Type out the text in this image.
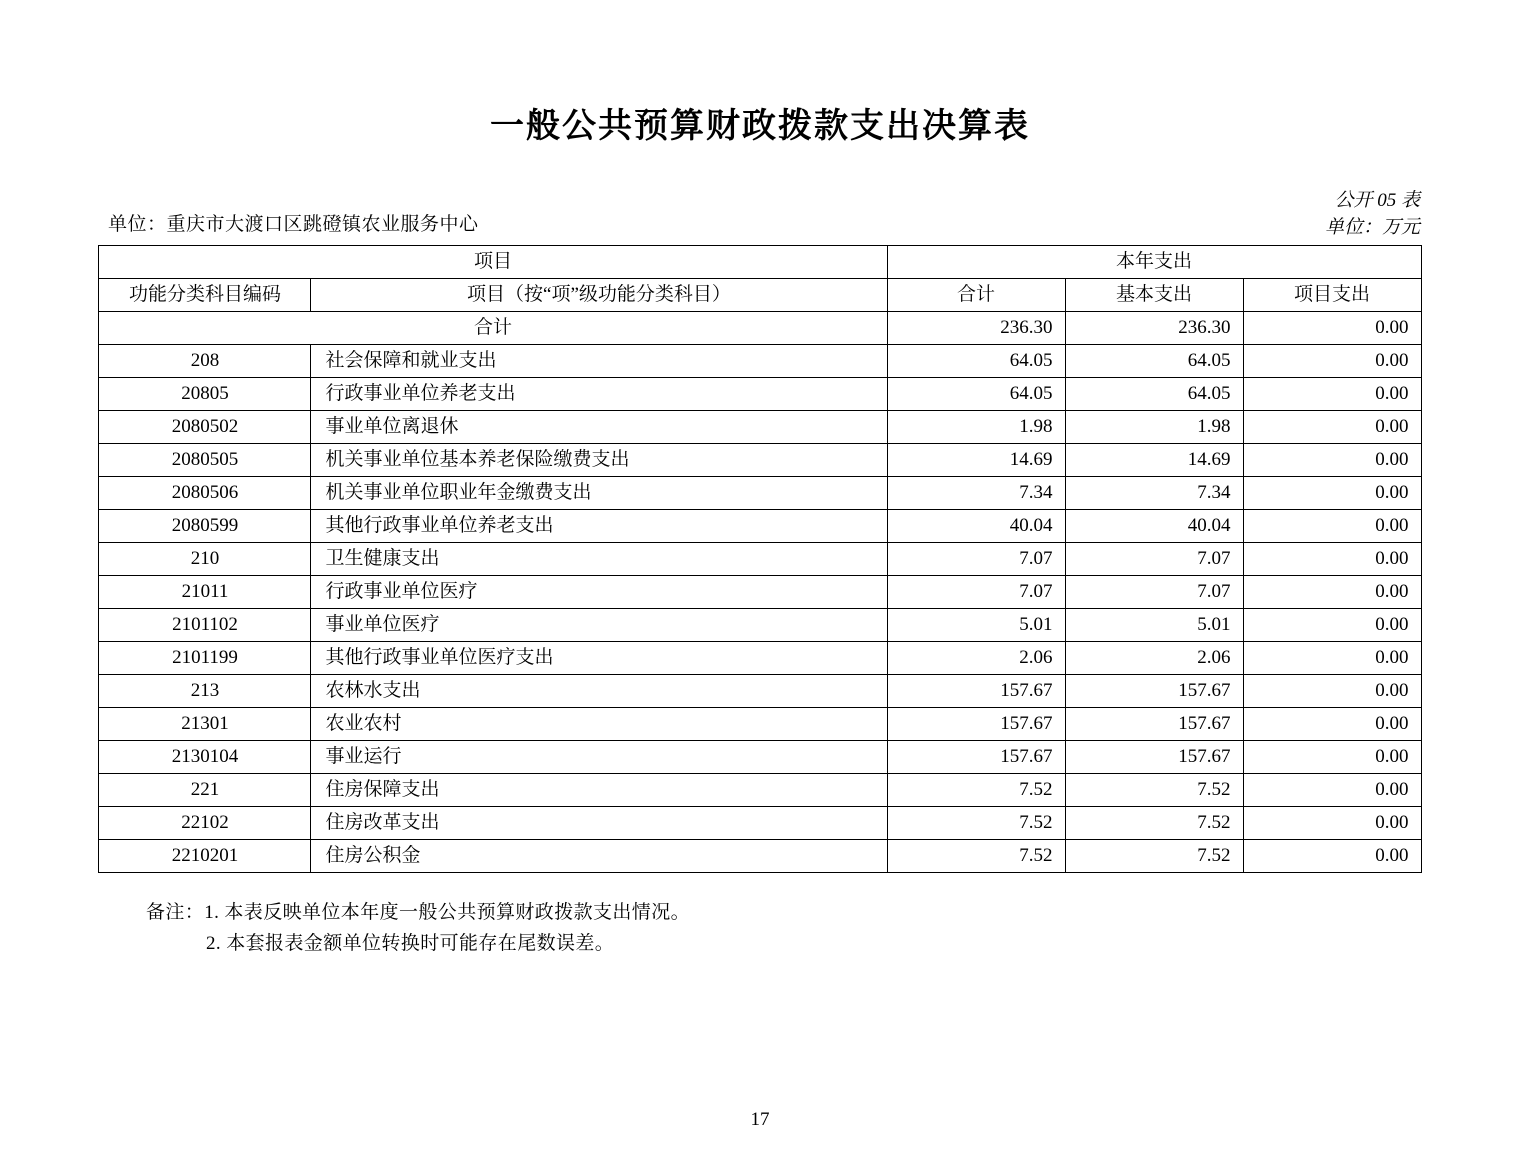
一般公共预算财政拨款支出决算表
公开 05 表
单位：重庆市大渡口区跳磴镇农业服务中心	单位：万元
项目		本年支出		
功能分类科目编码	项目（按“项”级功能分类科目）	合计	基本支出	项目支出
合计		236.30	236.30	0.00
208	社会保障和就业支出	64.05	64.05	0.00
20805	行政事业单位养老支出	64.05	64.05	0.00
2080502	事业单位离退休	1.98	1.98	0.00
2080505	机关事业单位基本养老保险缴费支出	14.69	14.69	0.00
2080506	机关事业单位职业年金缴费支出	7.34	7.34	0.00
2080599	其他行政事业单位养老支出	40.04	40.04	0.00
210	卫生健康支出	7.07	7.07	0.00
21011	行政事业单位医疗	7.07	7.07	0.00
2101102	事业单位医疗	5.01	5.01	0.00
2101199	其他行政事业单位医疗支出	2.06	2.06	0.00
213	农林水支出	157.67	157.67	0.00
21301	农业农村	157.67	157.67	0.00
2130104	事业运行	157.67	157.67	0.00
221	住房保障支出	7.52	7.52	0.00
22102	住房改革支出	7.52	7.52	0.00
2210201	住房公积金	7.52	7.52	0.00
备注：1. 本表反映单位本年度一般公共预算财政拨款支出情况。
2. 本套报表金额单位转换时可能存在尾数误差。
17
